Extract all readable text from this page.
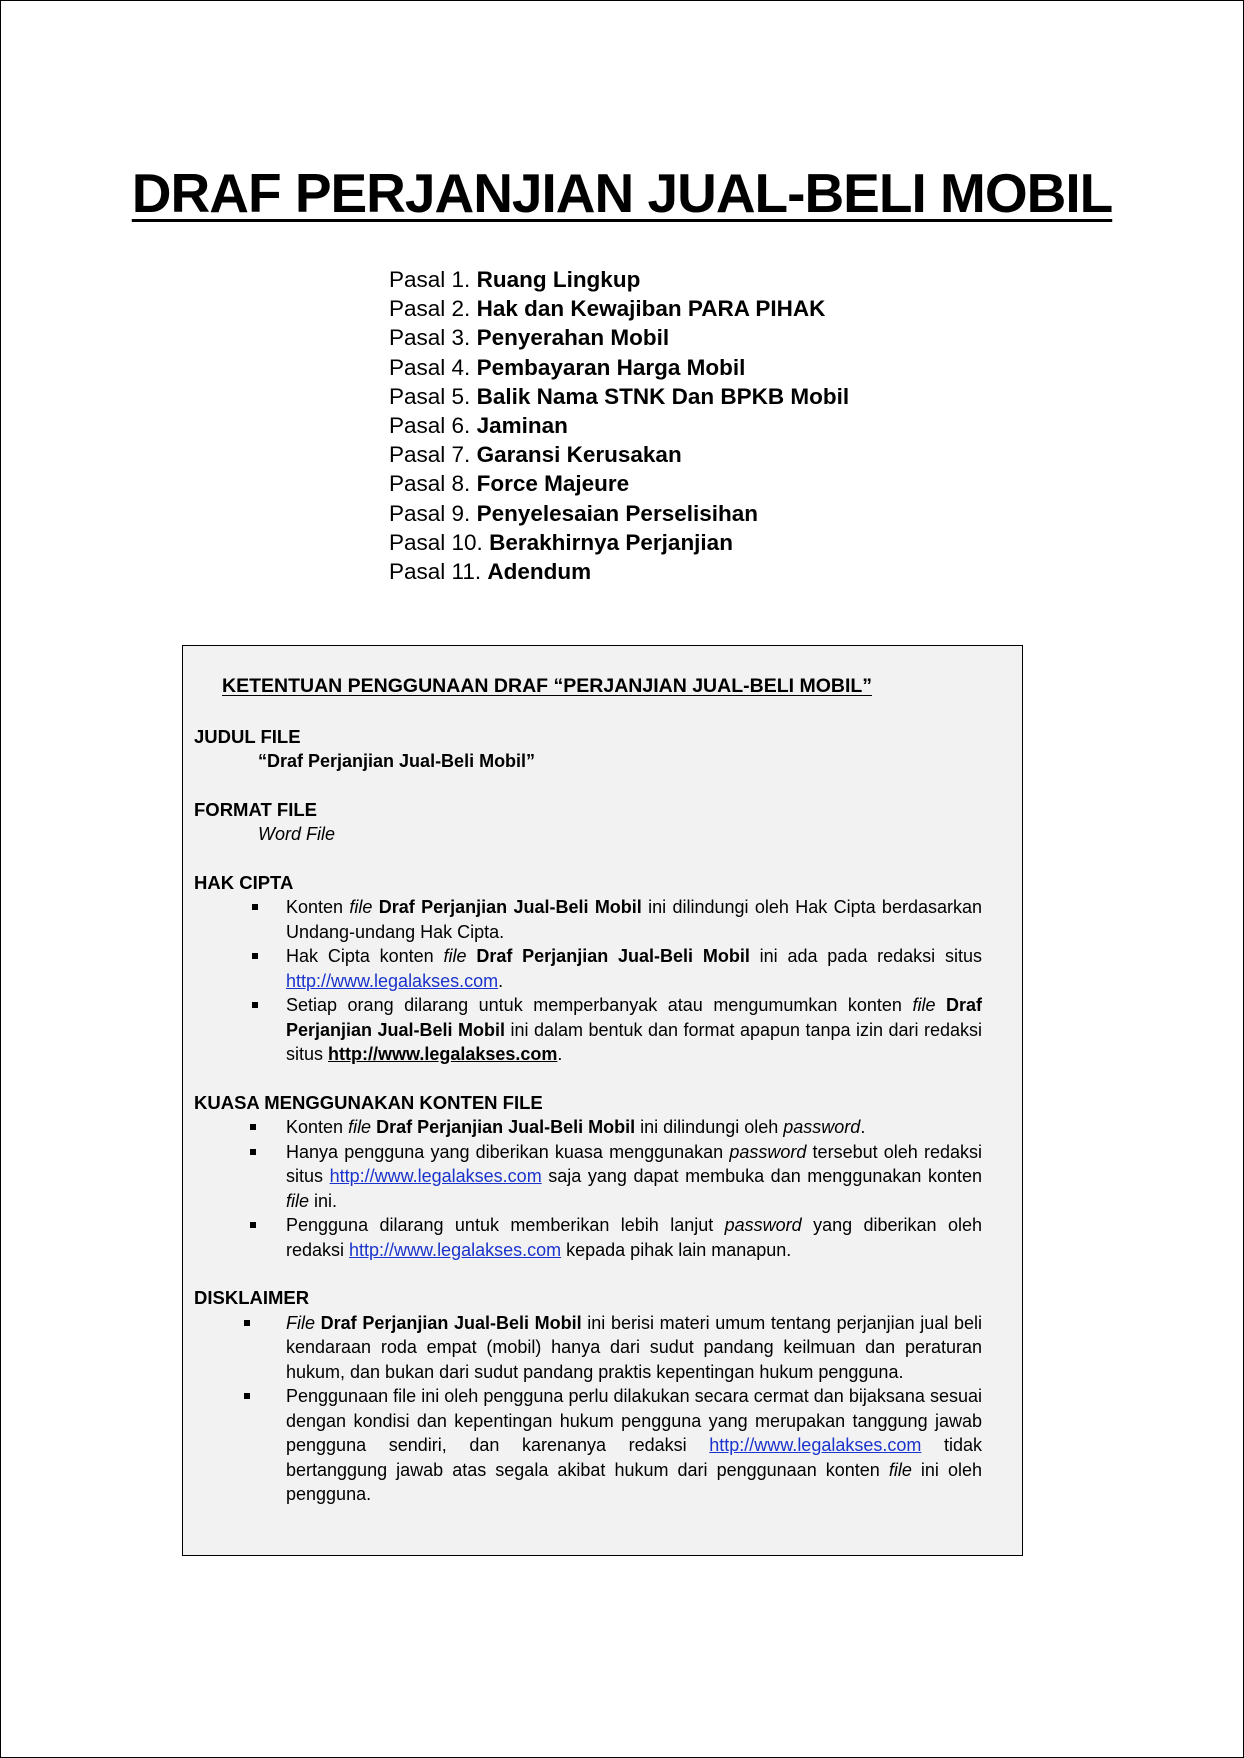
DRAF PERJANJIAN JUAL-BELI MOBIL
Pasal 1. Ruang Lingkup
Pasal 2. Hak dan Kewajiban PARA PIHAK
Pasal 3. Penyerahan Mobil
Pasal 4. Pembayaran Harga Mobil
Pasal 5. Balik Nama STNK Dan BPKB Mobil
Pasal 6. Jaminan
Pasal 7. Garansi Kerusakan
Pasal 8. Force Majeure
Pasal 9. Penyelesaian Perselisihan
Pasal 10. Berakhirnya Perjanjian
Pasal 11. Adendum
KETENTUAN PENGGUNAAN DRAF “PERJANJIAN JUAL-BELI MOBIL”
JUDUL FILE
“Draf Perjanjian Jual-Beli Mobil”
FORMAT FILE
Word File
HAK CIPTA
Konten file Draf Perjanjian Jual-Beli Mobil ini dilindungi oleh Hak Cipta berdasarkan Undang-undang Hak Cipta.
Hak Cipta konten file Draf Perjanjian Jual-Beli Mobil ini ada pada redaksi situs http://www.legalakses.com.
Setiap orang dilarang untuk memperbanyak atau mengumumkan konten file Draf Perjanjian Jual-Beli Mobil ini dalam bentuk dan format apapun tanpa izin dari redaksi situs http://www.legalakses.com.
KUASA MENGGUNAKAN KONTEN FILE
Konten file Draf Perjanjian Jual-Beli Mobil ini dilindungi oleh password.
Hanya pengguna yang diberikan kuasa menggunakan password tersebut oleh redaksi situs http://www.legalakses.com saja yang dapat membuka dan menggunakan konten file ini.
Pengguna dilarang untuk memberikan lebih lanjut password yang diberikan oleh redaksi http://www.legalakses.com kepada pihak lain manapun.
DISKLAIMER
File Draf Perjanjian Jual-Beli Mobil ini berisi materi umum tentang perjanjian jual beli kendaraan roda empat (mobil) hanya dari sudut pandang keilmuan dan peraturan hukum, dan bukan dari sudut pandang praktis kepentingan hukum pengguna.
Penggunaan file ini oleh pengguna perlu dilakukan secara cermat dan bijaksana sesuai dengan kondisi dan kepentingan hukum pengguna yang merupakan tanggung jawab pengguna sendiri, dan karenanya redaksi http://www.legalakses.com tidak bertanggung jawab atas segala akibat hukum dari penggunaan konten file ini oleh pengguna.
